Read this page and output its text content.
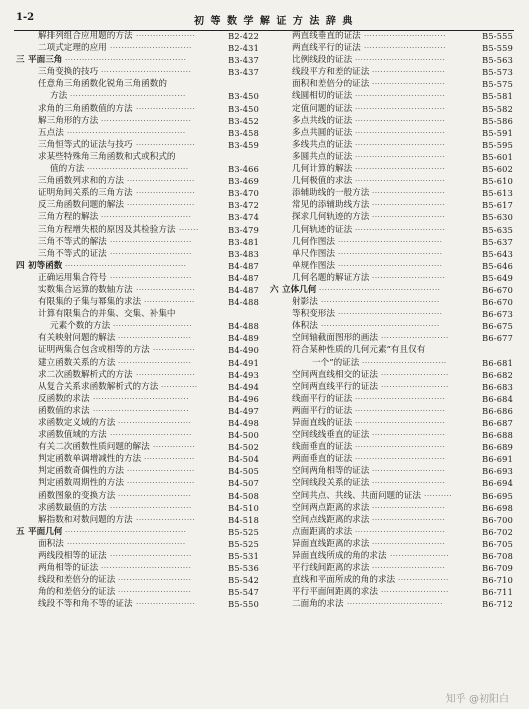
1-2	初 等 数 学 解 证 方 法 辞 典
解排列组合应用题的方法	B2-422
·····················
二项式定理的应用	B2-431
·····························
三 平面三角	B3-437
···········································
三角变换的技巧	B3-437
································
任意角三角函数化锐角三角函数的
方法	B3-450
·········································
求角的三角函数值的方法	B3-450
·····················
解三角形的方法	B3-452
································
五点法	B3-458
··········································
三角恒等式的证法与技巧	B3-459
·····················
求某些特殊角三角函数和式或积式的
值的方法	B3-466
····································
三角函数列求和的方法	B3-469
························
证明角间关系的三角方法	B3-470
·····················
反三角函数问题的解法	B3-472
························
三角方程的解法	B3-474
································
三角方程增失根的原因及其检验方法	B3-479
·······
三角不等式的解法	B3-481
·····························
三角不等式的证法	B3-483
·····························
四 初等函数	B4-487
···········································
正确运用集合符号	B4-487
·····························
实数集合运算的数轴方法	B4-487
·····················
有限集的子集与幂集的求法	B4-488
··················
计算有限集合的并集、交集、补集中
元素个数的方法	B4-488
····························
有关映射问题的解法	B4-489
··························
证明两集合包含或相等的方法	B4-490
···············
建立函数关系的方法	B4-491
··························
求二次函数解析式的方法	B4-493
·····················
从复合关系求函数解析式的方法	B4-494
·············
反函数的求法	B4-496
··································
函数值的求法	B4-497
··································
求函数定义域的方法	B4-498
··························
求函数值域的方法	B4-500
·····························
有关二次函数性质问题的解法	B4-502
···············
判定函数单调增减性的方法	B4-504
··················
判定函数奇偶性的方法	B4-505
························
判定函数周期性的方法	B4-507
························
函数图象的变换方法	B4-508
··························
求函数最值的方法	B4-510
·····························
解指数和对数问题的方法	B4-518
·····················
五 平面几何	B5-525
···········································
面积法	B5-525
··········································
两线段相等的证法	B5-531
·····························
两角相等的证法	B5-536
································
线段和差倍分的证法	B5-542
··························
角的和差倍分的证法	B5-547
··························
线段不等和角不等的证法	B5-550
·····················
两直线垂直的证法	B5-555
·····························
两直线平行的证法	B5-559
·····························
比例线段的证法	B5-563
································
线段平方和差的证法	B5-573
··························
面积和差倍分的证法	B5-575
··························
线圆相切的证法	B5-581
································
定值问题的证法	B5-582
································
多点共线的证法	B5-586
································
多点共圆的证法	B5-591
································
多线共点的证法	B5-595
································
多圆共点的证法	B5-601
································
几何计算的解法	B5-602
································
几何极值的求法	B5-610
································
添辅助线的一般方法	B5-613
··························
常见的添辅助线方法	B5-617
··························
探求几何轨迹的方法	B5-630
··························
几何轨迹的证法	B5-635
································
几何作图法	B5-637
·····································
单尺作图法	B5-643
·····································
单规作图法	B5-646
·····································
几何名题的解证方法	B5-649
··························
六 立体几何	B6-670
···········································
射影法	B6-670
··········································
等积变形法	B6-673
·····································
体积法	B6-675
··········································
空间轴截面图形的画法	B6-677
························
符合某种性质的几何元素“有且仅有
一个”的证法	B6-681
······························
空间两直线相交的证法	B6-682
························
空间两直线平行的证法	B6-683
························
线面平行的证法	B6-684
································
两面平行的证法	B6-686
································
异面直线的证法	B6-687
································
空间线线垂直的证法	B6-688
··························
线面垂直的证法	B6-689
································
两面垂直的证法	B6-691
································
空间两角相等的证法	B6-693
··························
空间线段关系的证法	B6-694
··························
空间共点、共线、共面问题的证法	B6-695
··········
空间两点距离的求法	B6-698
··························
空间点线距离的求法	B6-700
··························
点面距离的求法	B6-702
································
异面直线距离的求法	B6-705
··························
异面直线所成的角的求法	B6-708
·····················
平行线间距离的求法	B6-709
··························
直线和平面所成的角的求法	B6-710
··················
平行平面间距离的求法	B6-711
························
二面角的求法	B6-712
··································
知乎 @初阳白
